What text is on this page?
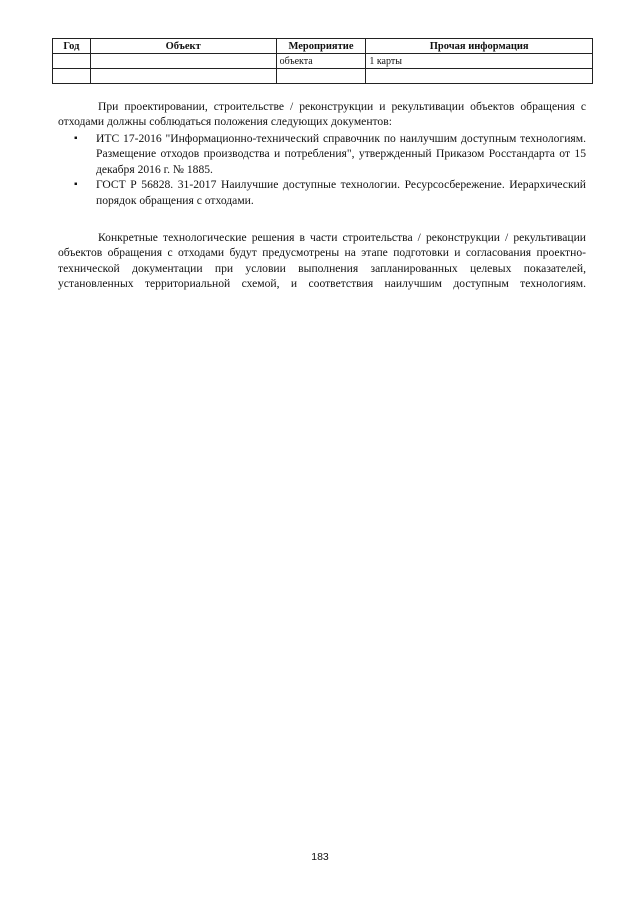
Год	Объект	Мероприятие	Прочая информация
		объекта	1 карты

При проектировании, строительстве / реконструкции и рекультивации объектов обращения с отходами должны соблюдаться положения следующих документов:

▪ ИТС 17-2016 "Информационно-технический справочник по наилучшим доступным технологиям. Размещение отходов производства и потребления", утвержденный Приказом Росстандарта от 15 декабря 2016 г. № 1885.
▪ ГОСТ Р 56828. 31-2017 Наилучшие доступные технологии. Ресурсосбережение. Иерархический порядок обращения с отходами.

Конкретные технологические решения в части строительства / реконструкции / рекультивации объектов обращения с отходами будут предусмотрены на этапе подготовки и согласования проектно-технической документации при условии выполнения запланированных целевых показателей, установленных территориальной схемой, и соответствия наилучшим доступным технологиям.

183
